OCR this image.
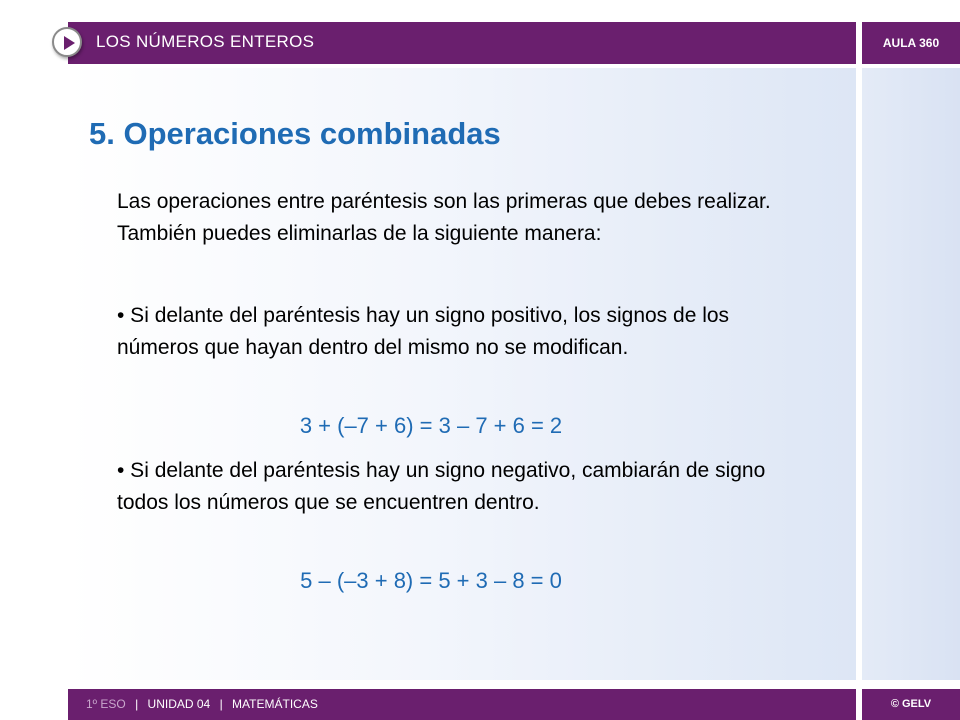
LOS NÚMEROS ENTEROS	AULA 360
5. Operaciones combinadas

Las operaciones entre paréntesis son las primeras que debes realizar. También puedes eliminarlas de la siguiente manera:

• Si delante del paréntesis hay un signo positivo, los signos de los números que hayan dentro del mismo no se modifican.

3 + (–7 + 6) = 3 – 7 + 6 = 2

• Si delante del paréntesis hay un signo negativo, cambiarán de signo todos los números que se encuentren dentro.

5 – (–3 + 8) = 5 + 3 – 8 = 0
1º ESO | UNIDAD 04 | MATEMÁTICAS	© GELV
